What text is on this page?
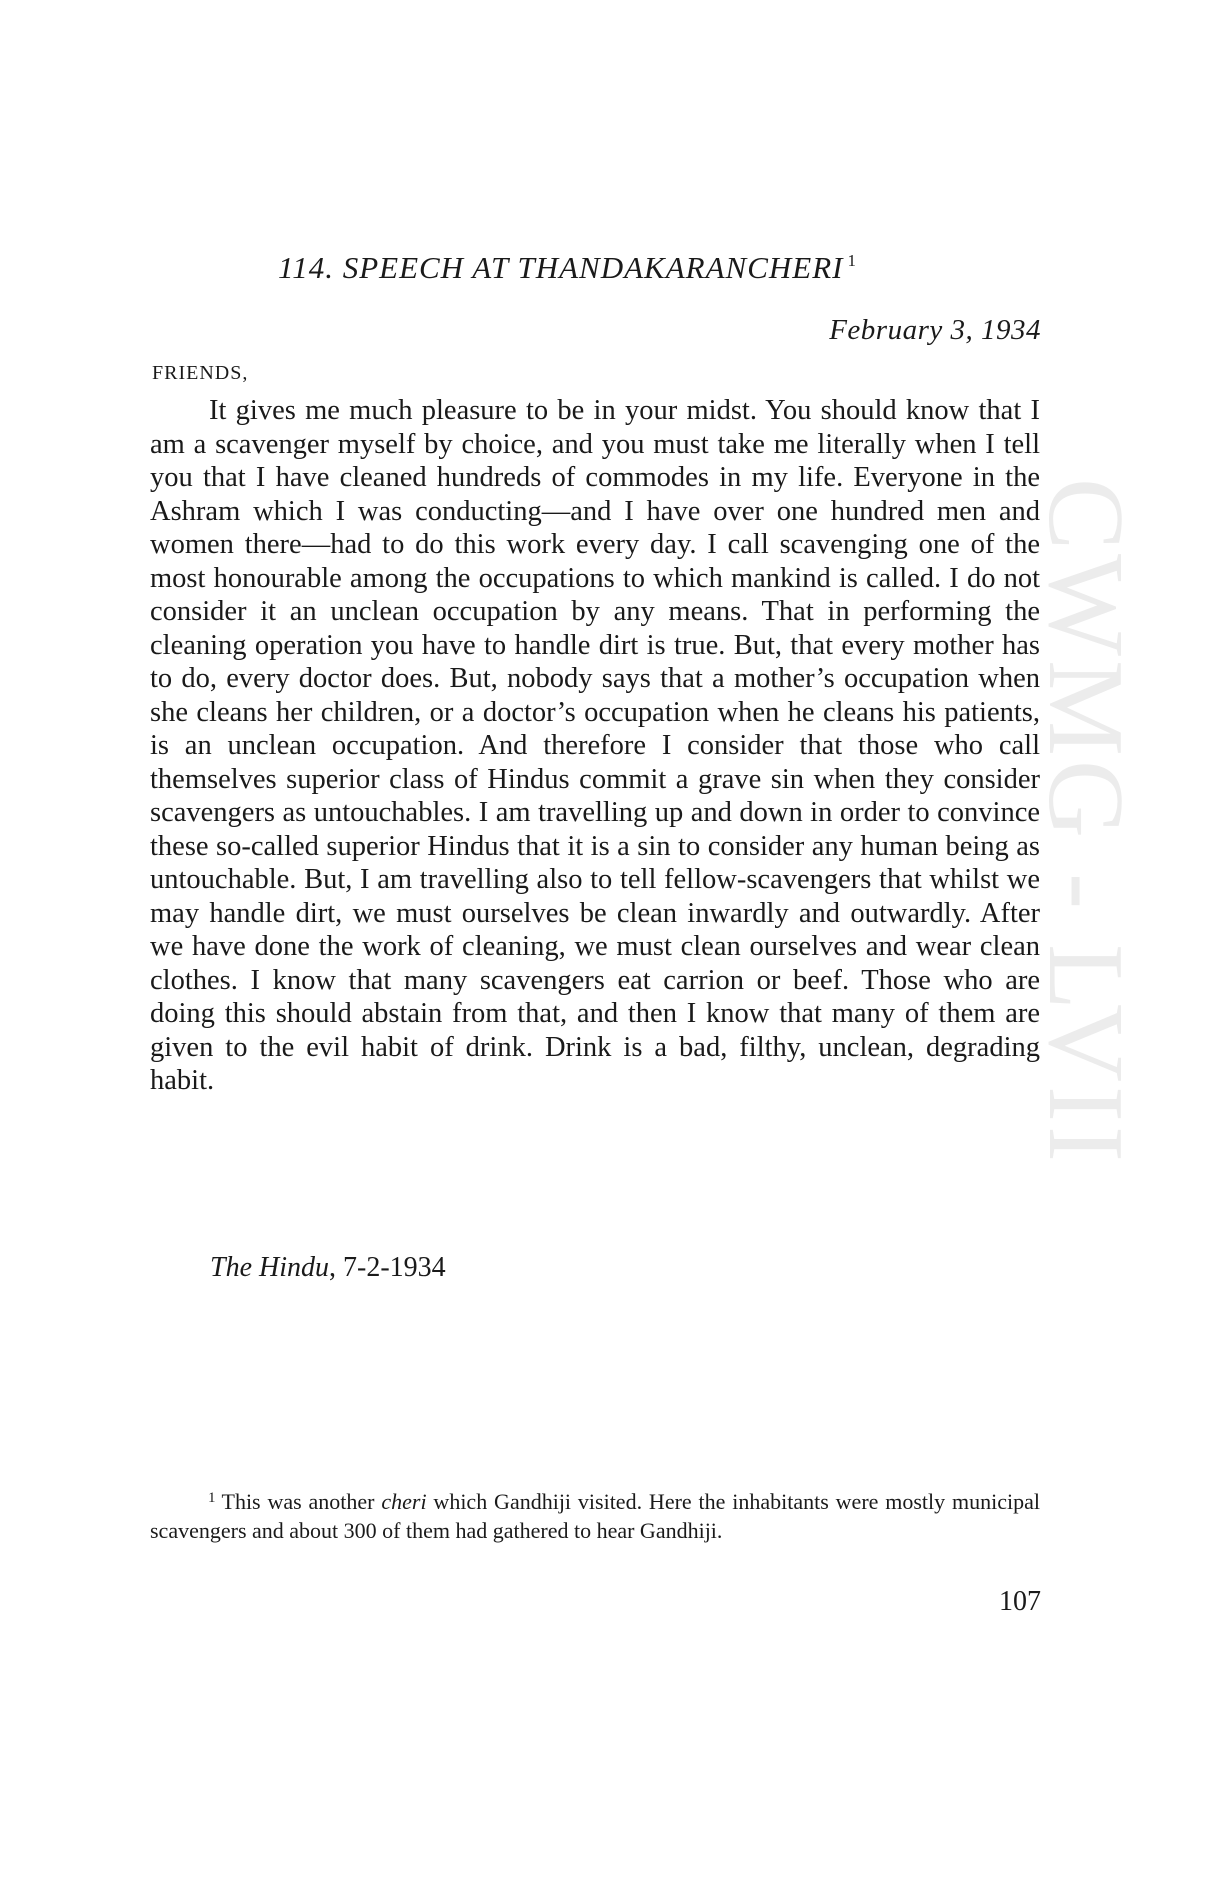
CWMG - LVII
114. SPEECH AT THANDAKARANCHERI $^1$
February 3, 1934
FRIENDS,

It gives me much pleasure to be in your midst. You should know that I am a scavenger myself by choice, and you must take me literally when I tell you that I have cleaned hundreds of commodes in my life. Everyone in the Ashram which I was conducting—and I have over one hundred men and women there—had to do this work every day. I call scavenging one of the most honourable among the occupations to which mankind is called. I do not consider it an unclean occupation by any means. That in performing the cleaning operation you have to handle dirt is true. But, that every mother has to do, every doctor does. But, nobody says that a mother’s occupation when she cleans her children, or a doctor’s occupation when he cleans his patients, is an unclean occupation. And therefore I consider that those who call themselves superior class of Hindus commit a grave sin when they consider scavengers as untouchables. I am travelling up and down in order to convince these so-called superior Hindus that it is a sin to consider any human being as untouchable. But, I am travelling also to tell fellow-scavengers that whilst we may handle dirt, we must ourselves be clean inwardly and outwardly. After we have done the work of cleaning, we must clean ourselves and wear clean clothes. I know that many scavengers eat carrion or beef. Those who are doing this should abstain from that, and then I know that many of them are given to the evil habit of drink. Drink is a bad, filthy, unclean, degrading habit.

The Hindu, 7-2-1934

$^1$ This was another cheri which Gandhiji visited. Here the inhabitants were mostly municipal scavengers and about 300 of them had gathered to hear Gandhiji.

107
